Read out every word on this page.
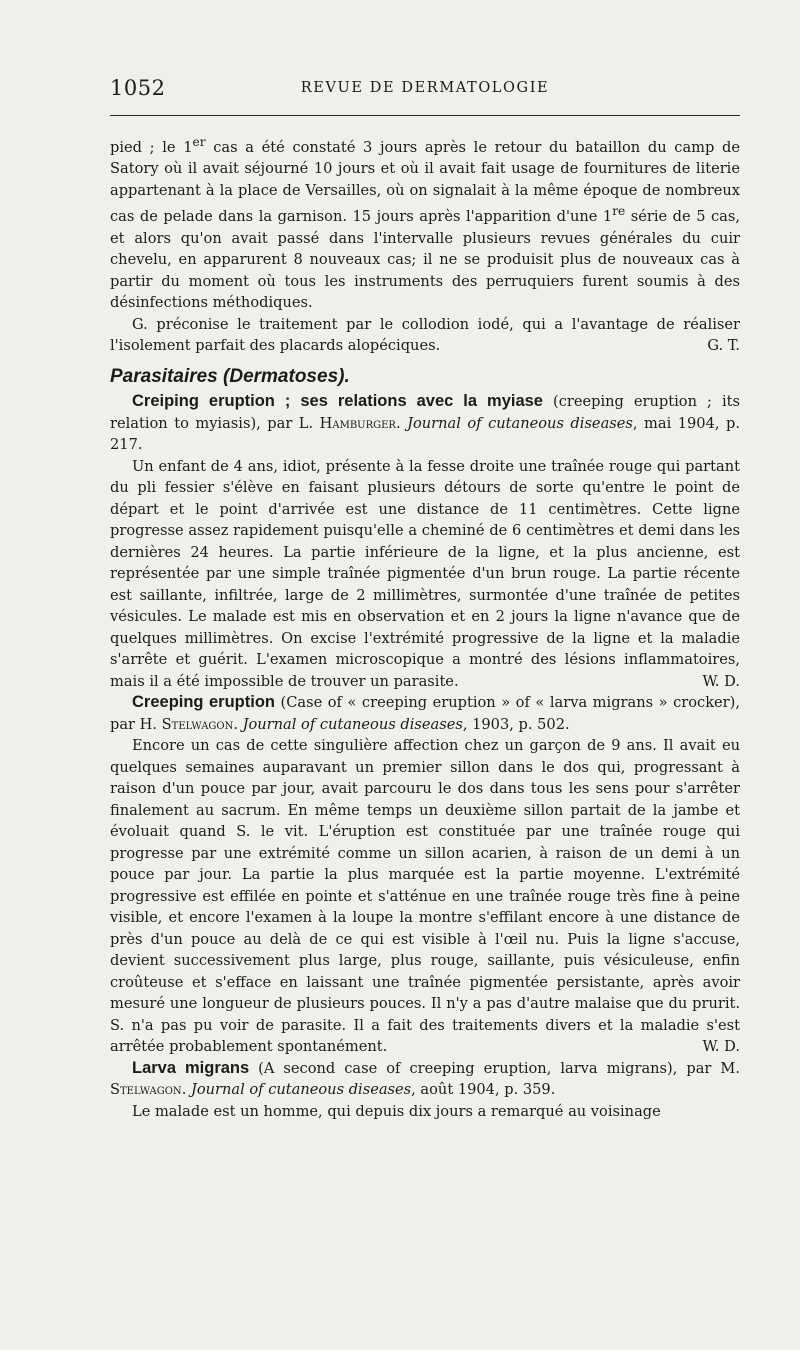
1052	REVUE DE DERMATOLOGIE

pied ; le 1er cas a été constaté 3 jours après le retour du bataillon du camp de Satory où il avait séjourné 10 jours et où il avait fait usage de fournitures de literie appartenant à la place de Versailles, où on signalait à la même époque de nombreux cas de pelade dans la garnison. 15 jours après l'apparition d'une 1re série de 5 cas, et alors qu'on avait passé dans l'intervalle plusieurs revues générales du cuir chevelu, en apparurent 8 nouveaux cas; il ne se produisit plus de nouveaux cas à partir du moment où tous les instruments des perruquiers furent soumis à des désinfections méthodiques.

G. préconise le traitement par le collodion iodé, qui a l'avantage de réaliser l'isolement parfait des placards alopéciques.	G. T.

Parasitaires (Dermatoses).

Creiping eruption ; ses relations avec la myiase (creeping eruption ; its relation to myiasis), par L. Hamburger. Journal of cutaneous diseases, mai 1904, p. 217.

Un enfant de 4 ans, idiot, présente à la fesse droite une traînée rouge qui partant du pli fessier s'élève en faisant plusieurs détours de sorte qu'entre le point de départ et le point d'arrivée est une distance de 11 centimètres. Cette ligne progresse assez rapidement puisqu'elle a cheminé de 6 centimètres et demi dans les dernières 24 heures. La partie inférieure de la ligne, et la plus ancienne, est représentée par une simple traînée pigmentée d'un brun rouge. La partie récente est saillante, infiltrée, large de 2 millimètres, surmontée d'une traînée de petites vésicules. Le malade est mis en observation et en 2 jours la ligne n'avance que de quelques millimètres. On excise l'extrémité progressive de la ligne et la maladie s'arrête et guérit. L'examen microscopique a montré des lésions inflammatoires, mais il a été impossible de trouver un parasite.	W. D.

Creeping eruption (Case of « creeping eruption » of « larva migrans » crocker), par H. Stelwagon. Journal of cutaneous diseases, 1903, p. 502.

Encore un cas de cette singulière affection chez un garçon de 9 ans. Il avait eu quelques semaines auparavant un premier sillon dans le dos qui, progressant à raison d'un pouce par jour, avait parcouru le dos dans tous les sens pour s'arrêter finalement au sacrum. En même temps un deuxième sillon partait de la jambe et évoluait quand S. le vit. L'éruption est constituée par une traînée rouge qui progresse par une extrémité comme un sillon acarien, à raison de un demi à un pouce par jour. La partie la plus marquée est la partie moyenne. L'extrémité progressive est effilée en pointe et s'atténue en une traînée rouge très fine à peine visible, et encore l'examen à la loupe la montre s'effilant encore à une distance de près d'un pouce au delà de ce qui est visible à l'œil nu. Puis la ligne s'accuse, devient successivement plus large, plus rouge, saillante, puis vésiculeuse, enfin croûteuse et s'efface en laissant une traînée pigmentée persistante, après avoir mesuré une longueur de plusieurs pouces. Il n'y a pas d'autre malaise que du prurit. S. n'a pas pu voir de parasite. Il a fait des traitements divers et la maladie s'est arrêtée probablement spontanément.	W. D.

Larva migrans (A second case of creeping eruption, larva migrans), par M. Stelwagon. Journal of cutaneous diseases, août 1904, p. 359.

Le malade est un homme, qui depuis dix jours a remarqué au voisinage
